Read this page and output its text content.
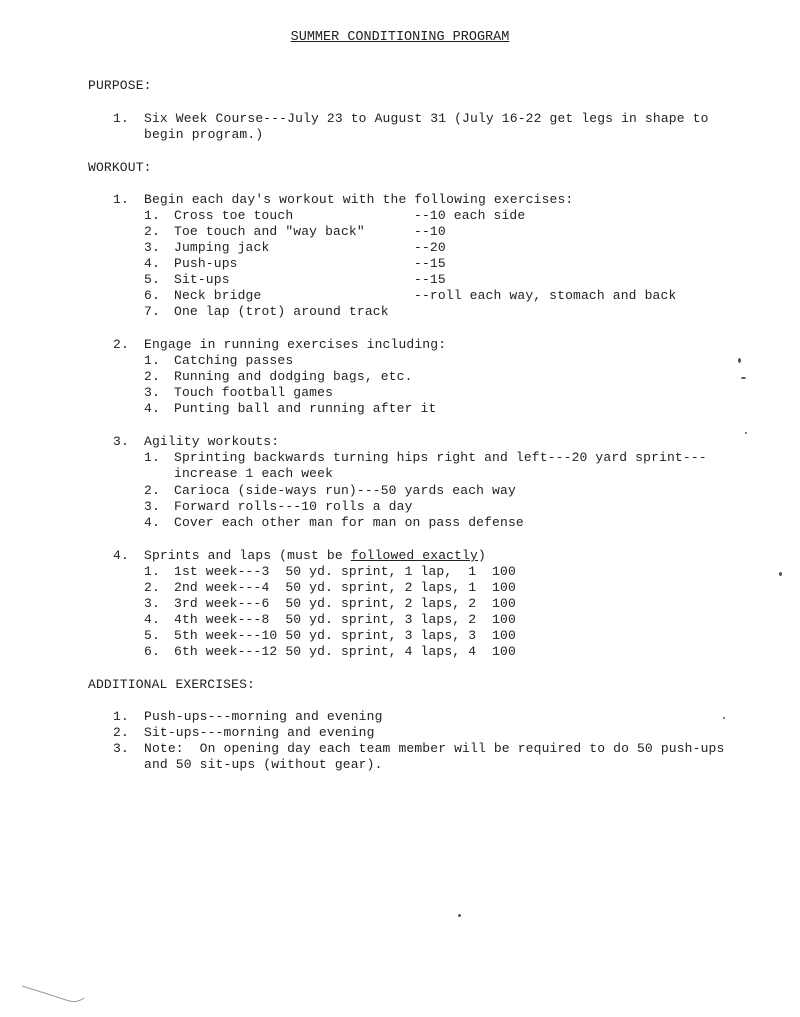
SUMMER CONDITIONING PROGRAM
PURPOSE:
1. Six Week Course---July 23 to August 31 (July 16-22 get legs in shape to
begin program.)
WORKOUT:
1. Begin each day's workout with the following exercises:
1. Cross toe touch	--10 each side
2. Toe touch and "way back"	--10
3. Jumping jack	--20
4. Push-ups	--15
5. Sit-ups	--15
6. Neck bridge	--roll each way, stomach and back
7. One lap (trot) around track
2. Engage in running exercises including:
1. Catching passes
2. Running and dodging bags, etc.
3. Touch football games
4. Punting ball and running after it
3. Agility workouts:
1. Sprinting backwards turning hips right and left---20 yard sprint---
increase 1 each week
2. Carioca (side-ways run)---50 yards each way
3. Forward rolls---10 rolls a day
4. Cover each other man for man on pass defense
4. Sprints and laps (must be followed exactly)
1. 1st week---3  50 yd. sprint, 1 lap,  1  100
2. 2nd week---4  50 yd. sprint, 2 laps, 1  100
3. 3rd week---6  50 yd. sprint, 2 laps, 2  100
4. 4th week---8  50 yd. sprint, 3 laps, 2  100
5. 5th week---10 50 yd. sprint, 3 laps, 3  100
6. 6th week---12 50 yd. sprint, 4 laps, 4  100
ADDITIONAL EXERCISES:
1. Push-ups---morning and evening
2. Sit-ups---morning and evening
3. Note:  On opening day each team member will be required to do 50 push-ups
and 50 sit-ups (without gear).
